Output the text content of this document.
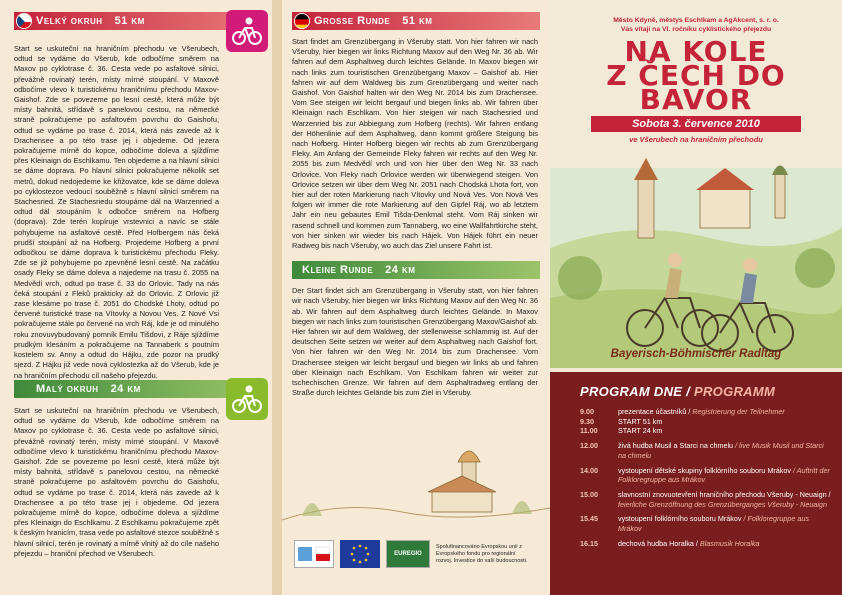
Velký okruh 51 km
Start se uskuteční na hraničním přechodu ve Všerubech, odtud se vydáme do Všerub, kde odbočíme směrem na Maxov po cyklotrase č. 36. Cesta vede po asfaltové silnici, převážně rovinatý terén, místy mírné stoupání. V Maxově odbočíme vlevo k turistickému hraničnímu přechodu Maxov-Gaishof. Zde se povezeme po lesní cestě, která může být místy bahnitá, střídavě s panelovou cestou, na německé straně pokračujeme po asfaltovém povrchu do Gaishofu, odtud se vydáme po trase č. 2014, která nás zavede až k Drachensee a po této trase jej i objedeme. Od jezera pokračujeme mírně do kopce, odbočíme doleva a sjíždíme přes Kleinaign do Eschlkamu. Ten objedeme a na hlavní silnici se dáme doprava. Po hlavní silnici pokračujeme několik set metrů, dokud nedojedeme ke křižovatce, kde se dáme doleva po cyklostezce vedoucí souběžně s hlavní silnicí směrem na Stachesried. Ze Stachesriedu stoupáme dál na Warzenried a odtud dál stoupáním k odbočce směrem na Hofberg (doprava). Zde terén kopíruje vrstevnici a navíc se stále pohybujeme na asfaltové cestě. Před Hofbergem nás čeká prudší stoupání až na Hofberg. Projedeme Hofberg a první odbočkou se dáme doprava k turistickému přechodu Fleky. Zde se již pohybujeme po zpevněné lesní cestě. Na začátku osady Fleky se dáme doleva a najedeme na trasu č. 2055 na Medvědí vrch, odtud po trase č. 33 do Orlovic. Tady na nás čeká stoupání z Fleků prakticky až do Orlovic. Z Orlovic již zase klesáme po trase č. 2051 do Chodské Lhoty, odtud po červené turistické trase na Vítovky a Novou Ves. Z Nové Vsi pokračujeme stále po červené na vrch Ráj, kde je od minulého roku znovuvybudovaný pomník Emilu Tišdovi, z Ráje sjíždíme prudkým klesáním a pokračujeme na Tannaberk s poutním kostelem sv. Anny a odtud do Hájku, zde pozor na prudký sjezd. Z Hájku již vede nová cyklostezka až do Všerub, kde je na hraničním přechodu cíl našeho přejezdu.
Malý okruh 24 km
Start se uskuteční na hraničním přechodu ve Všerubech, odtud se vydáme do Všerub, kde odbočíme směrem na Maxov po cyklotrase č. 36. Cesta vede po asfaltové silnici, převážně rovinatý terén, místy mírné stoupání. V Maxově odbočíme vlevo k turistickému hraničnímu přechodu Maxov-Gaishof. Zde se povezeme po lesní cestě, která může být místy bahnitá, střídavě s panelovou cestou, na německé straně pokračujeme po asfaltovém povrchu do Gaishofu, odtud se vydáme po trase č. 2014, která nás zavede až k Drachensee a po této trase jej i objedeme. Od jezera pokračujeme mírně do kopce, odbočíme doleva a sjíždíme přes Kleinaign do Eschlkamu. Z Eschlkamu pokračujeme zpět k českým hranicím, trasa vede po asfaltové stezce souběžně s hlavní silnicí, terén je rovinatý a mírně vlnitý až do cíle našeho přejezdu – hraniční přechod ve Všerubech.
Grosse Runde 51 km
Start findet am Grenzübergang in Všeruby statt. Von hier fahren wir nach Všeruby, hier biegen wir links Richtung Maxov auf den Weg Nr. 36 ab. Wir fahren auf dem Asphaltweg durch leichtes Gelände. In Maxov biegen wir nach links zum touristischen Grenzübergang Maxov – Gaishof ab. Hier fahren wir auf dem Waldweg bis zum Grenzübergang und weiter nach Gaishof. Von Gaishof halten wir den Weg Nr. 2014 bis zum Drachensee. Vom See steigen wir leicht bergauf und biegen links ab. Wir fahren über Kleinaign nach Eschlkam. Von hier steigen wir nach Stachesried und Warzenried bis zur Abbiegung zum Hofberg (rechts). Wir fahren entlang der Höhenlinie auf dem Asphaltweg, dann kommt größere Steigung bis nach Hofberg. Hinter Hofberg biegen wir rechts ab zum Grenzübergang Fleky. Am Anfang der Gemeinde Fleky fahren wir rechts auf den Weg Nr. 2055 bis zum Medvědí vrch und von hier über den Weg Nr. 33 nach Orlovice. Von Fleky nach Orlovice werden wir überwiegend steigen. Von Orlovice setzen wir über dem Weg Nr. 2051 nach Chodská Lhota fort, von hier auf der roten Markierung nach Vítovky und Nová Ves. Von Nová Ves folgen wir immer die rote Markierung auf den Gipfel Ráj, wo ab letztem Jahr ein neu gebautes Emil Tišda-Denkmal steht. Vom Ráj sinken wir rasend schnell und kommen zum Tannaberg, wo eine Wallfahrtkirche steht, von hier sinken wir wieder bis nach Hájek. Von Hájek führt ein neuer Radweg bis nach Všeruby, wo auch das Ziel unsere Fahrt ist.
Kleine Runde 24 km
Der Start findet sich am Grenzübergang in Všeruby statt, von hier fahren wir nach Všeruby, hier biegen wir links Richtung Maxov auf den Weg Nr. 36 ab. Wir fahren auf dem Asphaltweg durch leichtes Gelände. In Maxov biegen wir nach links zum touristischen Grenzübergang Maxov/Gaishof ab. Hier fahren wir auf dem Waldweg, der stellenweise schlammig ist. Auf der deutschen Seite setzen wir weiter auf dem Asphaltweg nach Gaishof fort. Von hier fahren wir den Weg Nr. 2014 bis zum Drachensee. Vom Drachensee steigen wir leicht bergauf und biegen wir links ab und fahren über Kleinaign nach Eschlkam. Von Eschlkam fahren wir weiter zur tschechischen Grenze. Wir fahren auf dem Asphaltradweg entlang der Straße durch leichtes Gelände bis zum Ziel in Všeruby.
EUREGIO
Spolufinancováno Evropskou unií z Evropského fondu pro regionální rozvoj. Investice do vaší budoucnosti.
Město Kdyně, městys Eschlkam a AgAkcent, s. r. o.
Vás vítají na VI. ročníku cyklistického přejezdu
NA KOLE
Z ČECH DO BAVOR
Sobota 3. července 2010
ve Všerubech na hraničním přechodu
Bayerisch-Böhmischer Radltag
PROGRAM DNE / PROGRAMM
9.00	prezentace účastníků / Registrierung der Teilnehmer
9.30	START 51 km
11.00	START 24 km
12.00	živá hudba Musil a Starci na chmelu / live Musik Musil und Starci na chmelu
14.00	vystoupení dětské skupiny folklórního souboru Mrákov / Auftritt der Folkloregruppe aus Mrákov
15.00	slavnostní znovuotevření hraničního přechodu Všeruby - Neuaign / feierliche Grenzöffnung des Grenzüberganges Všeruby - Neuaign
15.45	vystoupení folklórního souboru Mrákov / Folkloregruppe aus Mrákov
16.15	dechová hudba Horalka / Blasmusik Horalka
